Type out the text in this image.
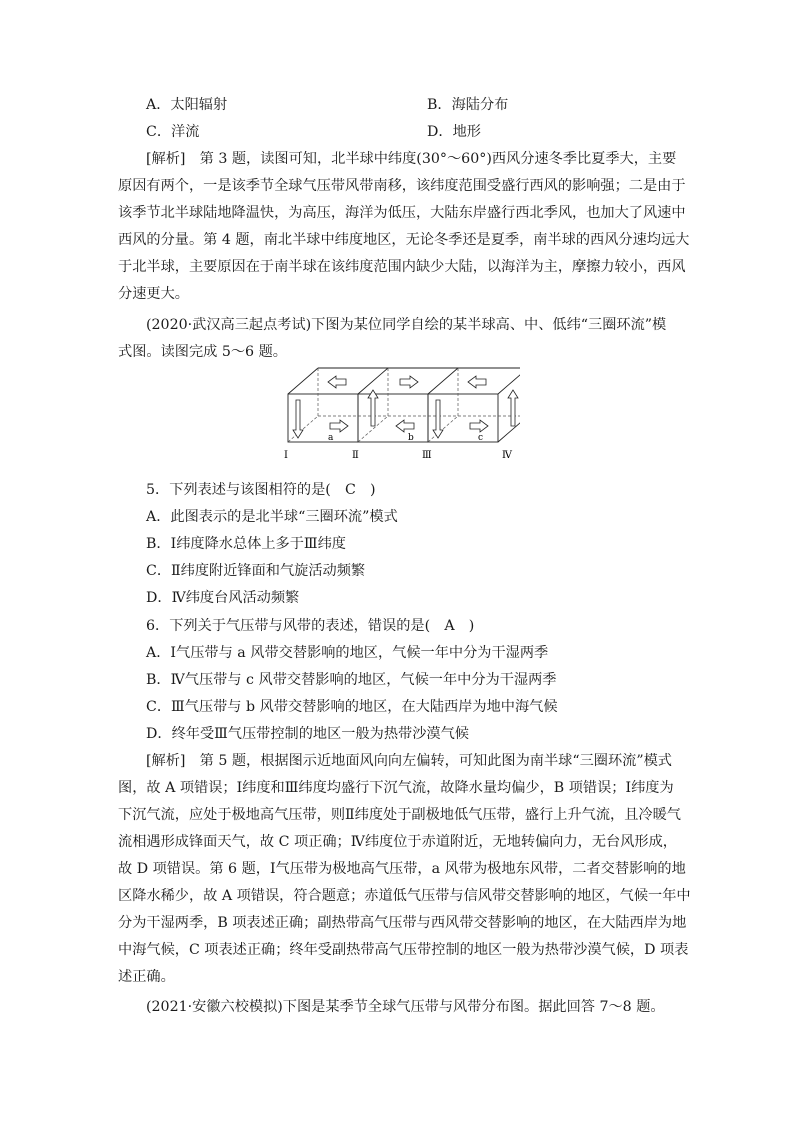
A．太阳辐射	B．海陆分布
C．洋流	D．地形
[解析]　第 3 题，读图可知，北半球中纬度(30°～60°)西风分速冬季比夏季大，主要
原因有两个，一是该季节全球气压带风带南移，该纬度范围受盛行西风的影响强；二是由于
该季节北半球陆地降温快，为高压，海洋为低压，大陆东岸盛行西北季风，也加大了风速中
西风的分量。第 4 题，南北半球中纬度地区，无论冬季还是夏季，南半球的西风分速均远大
于北半球，主要原因在于南半球在该纬度范围内缺少大陆，以海洋为主，摩擦力较小，西风
分速更大。
(2020·武汉高三起点考试)下图为某位同学自绘的某半球高、中、低纬“三圈环流”模
式图。读图完成 5～6 题。
a	b	c
Ⅰ	Ⅱ	Ⅲ	Ⅳ
5．下列表述与该图相符的是(　C　)
A．此图表示的是北半球“三圈环流”模式
B．Ⅰ纬度降水总体上多于Ⅲ纬度
C．Ⅱ纬度附近锋面和气旋活动频繁
D．Ⅳ纬度台风活动频繁
6．下列关于气压带与风带的表述，错误的是(　A　)
A．Ⅰ气压带与 a 风带交替影响的地区，气候一年中分为干湿两季
B．Ⅳ气压带与 c 风带交替影响的地区，气候一年中分为干湿两季
C．Ⅲ气压带与 b 风带交替影响的地区，在大陆西岸为地中海气候
D．终年受Ⅲ气压带控制的地区一般为热带沙漠气候
[解析]　第 5 题，根据图示近地面风向向左偏转，可知此图为南半球“三圈环流”模式
图，故 A 项错误；Ⅰ纬度和Ⅲ纬度均盛行下沉气流，故降水量均偏少，B 项错误；Ⅰ纬度为
下沉气流，应处于极地高气压带，则Ⅱ纬度处于副极地低气压带，盛行上升气流，且冷暖气
流相遇形成锋面天气，故 C 项正确；Ⅳ纬度位于赤道附近，无地转偏向力，无台风形成，
故 D 项错误。第 6 题，Ⅰ气压带为极地高气压带，a 风带为极地东风带，二者交替影响的地
区降水稀少，故 A 项错误，符合题意；赤道低气压带与信风带交替影响的地区，气候一年中
分为干湿两季，B 项表述正确；副热带高气压带与西风带交替影响的地区，在大陆西岸为地
中海气候，C 项表述正确；终年受副热带高气压带控制的地区一般为热带沙漠气候，D 项表
述正确。
(2021·安徽六校模拟)下图是某季节全球气压带与风带分布图。据此回答 7～8 题。
